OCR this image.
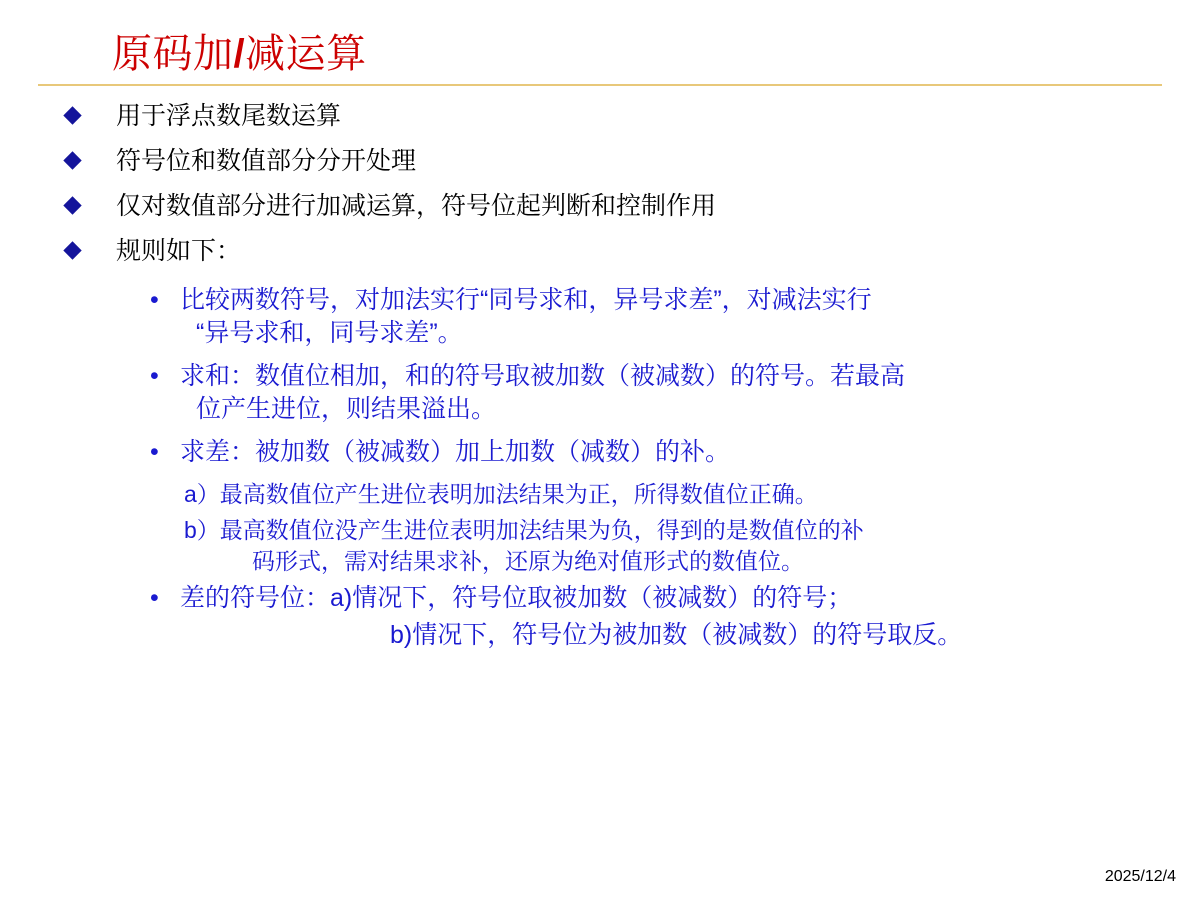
原码加/减运算
用于浮点数尾数运算
符号位和数值部分分开处理
仅对数值部分进行加减运算，符号位起判断和控制作用
规则如下：
• 比较两数符号，对加法实行“同号求和，异号求差”，对减法实行
“异号求和，同号求差”。
• 求和：数值位相加，和的符号取被加数（被减数）的符号。若最高
位产生进位，则结果溢出。
• 求差：被加数（被减数）加上加数（减数）的补。
a）最高数值位产生进位表明加法结果为正，所得数值位正确。
b）最高数值位没产生进位表明加法结果为负，得到的是数值位的补
码形式，需对结果求补，还原为绝对值形式的数值位。
• 差的符号位：a)情况下，符号位取被加数（被减数）的符号；
b)情况下，符号位为被加数（被减数）的符号取反。
2025/12/4
